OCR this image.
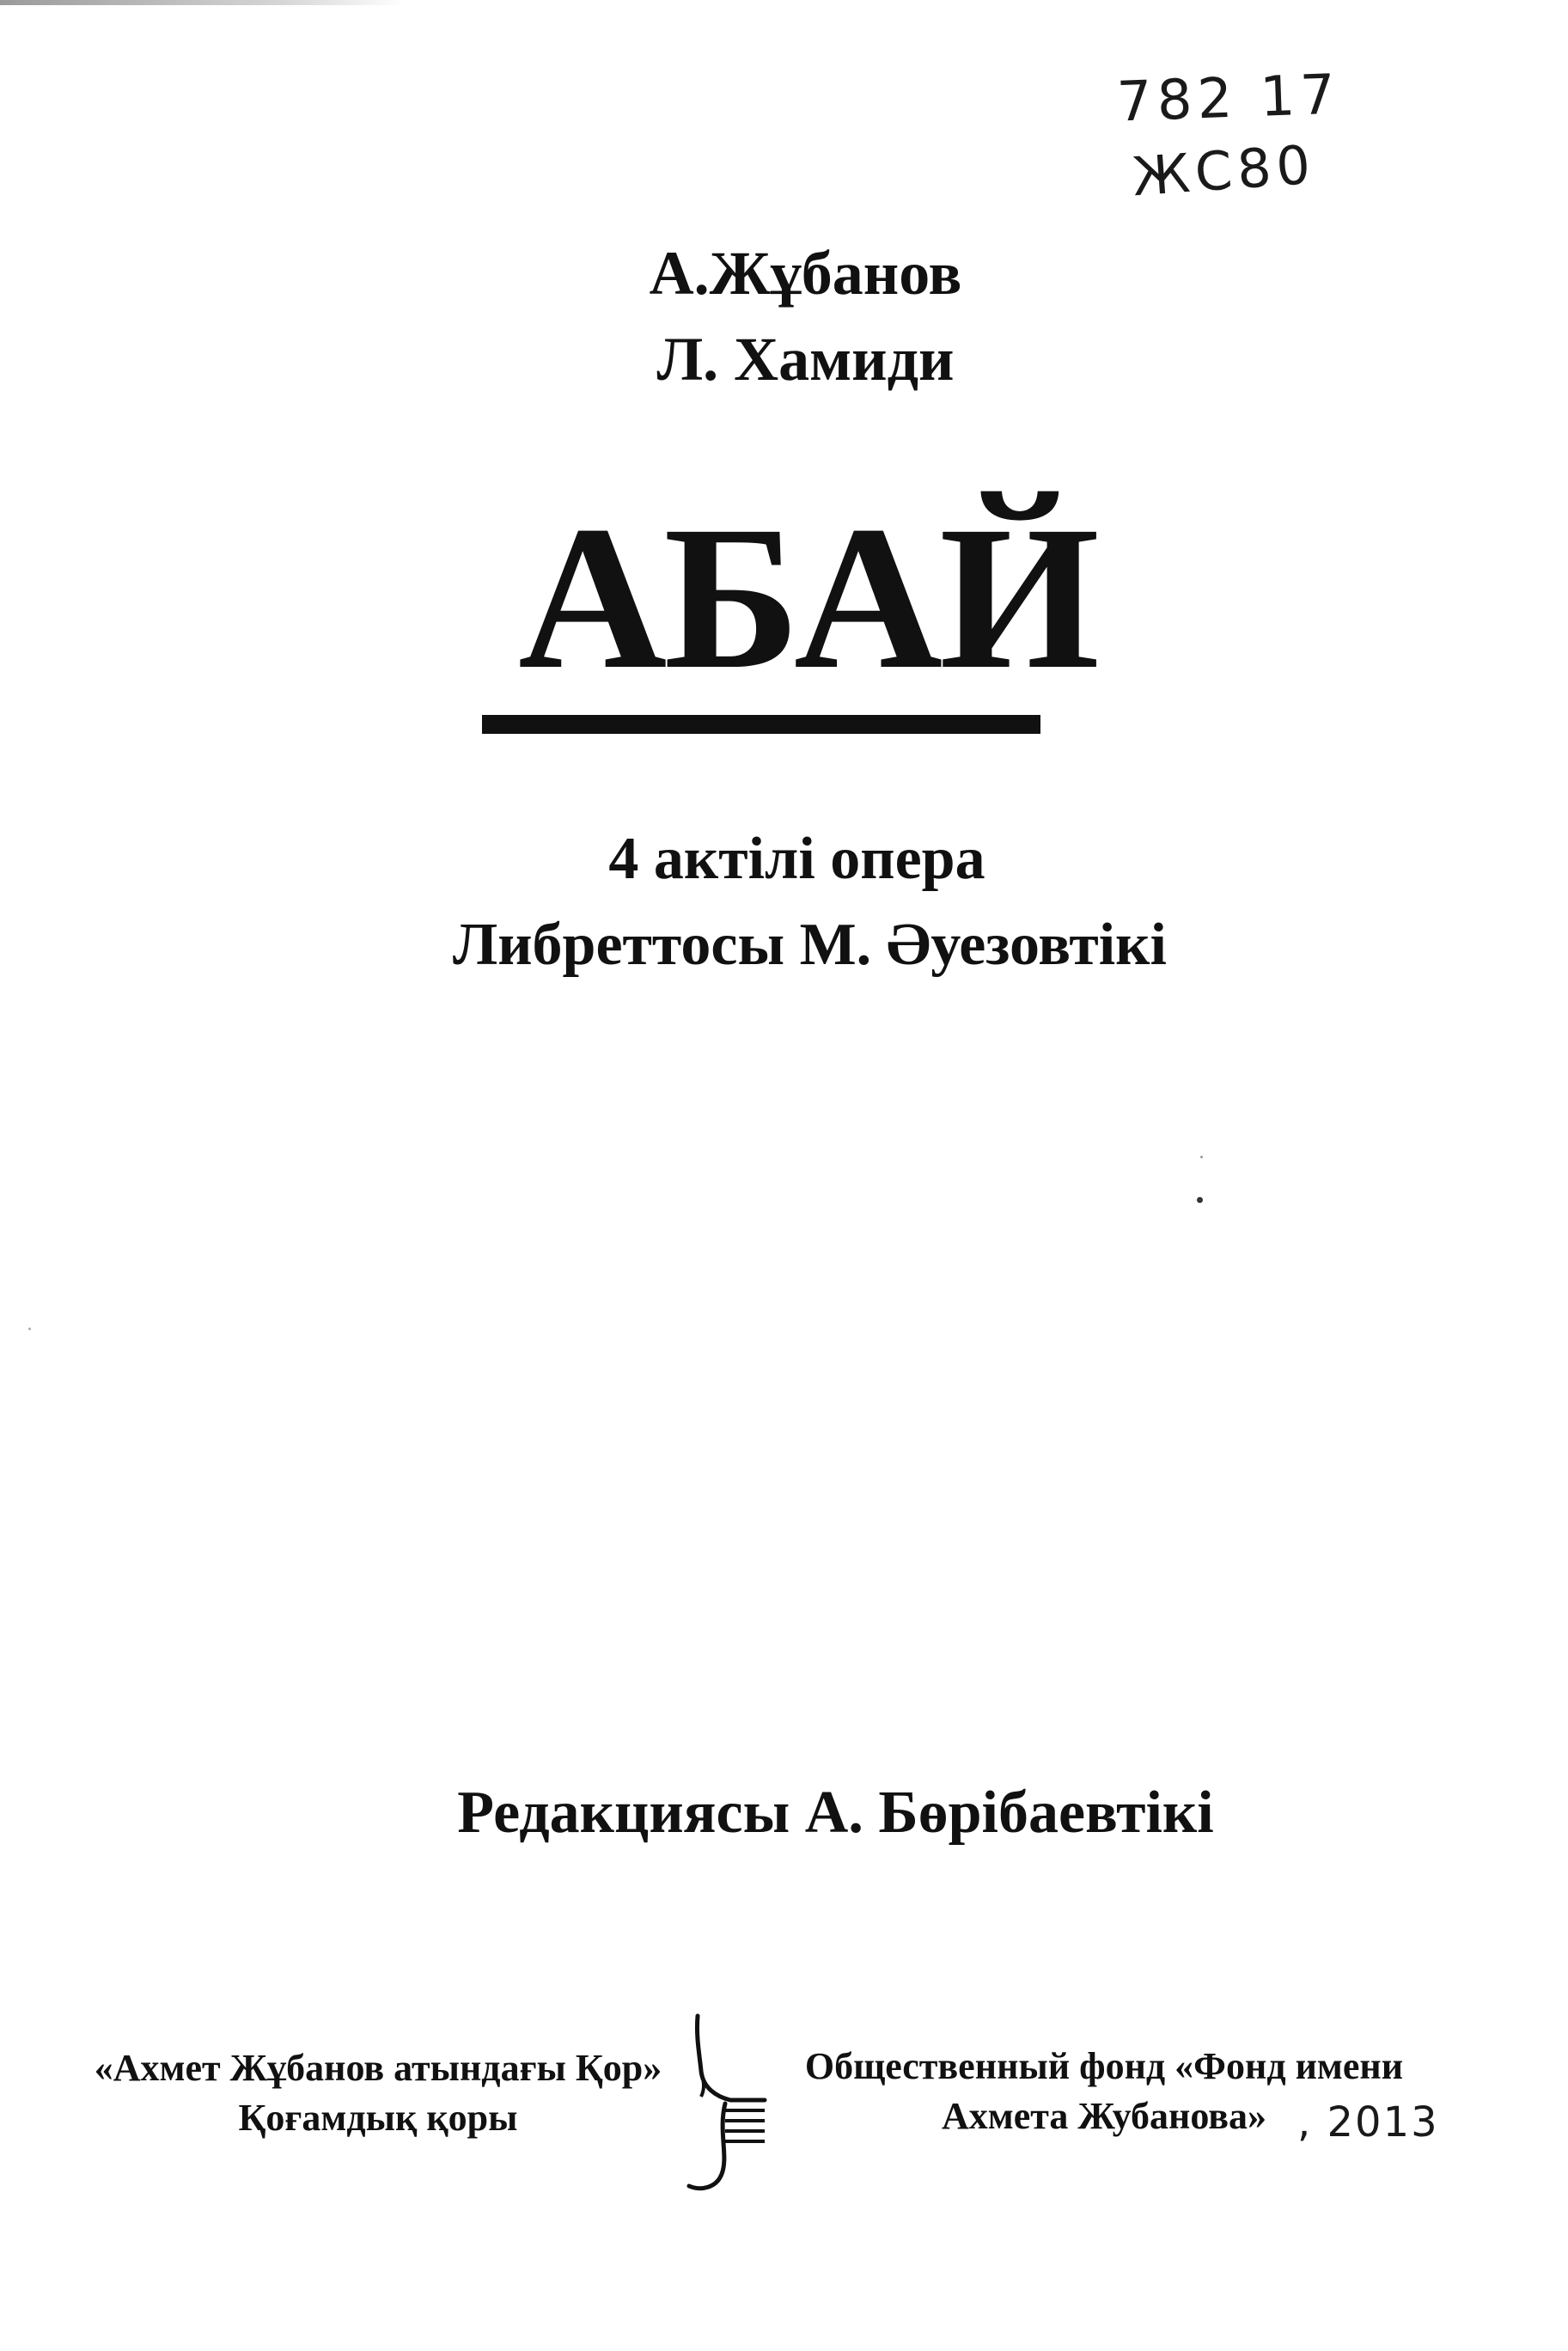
782 17
ЖС80
А.Жұбанов
Л. Хамиди
АБАЙ
4 актілі опера
Либреттосы М. Әуезовтікі
Редакциясы А. Бөрібаевтікі
«Ахмет Жұбанов атындағы Қор»
Қоғамдық қоры
Общественный фонд «Фонд имени
Ахмета Жубанова» , 2013
